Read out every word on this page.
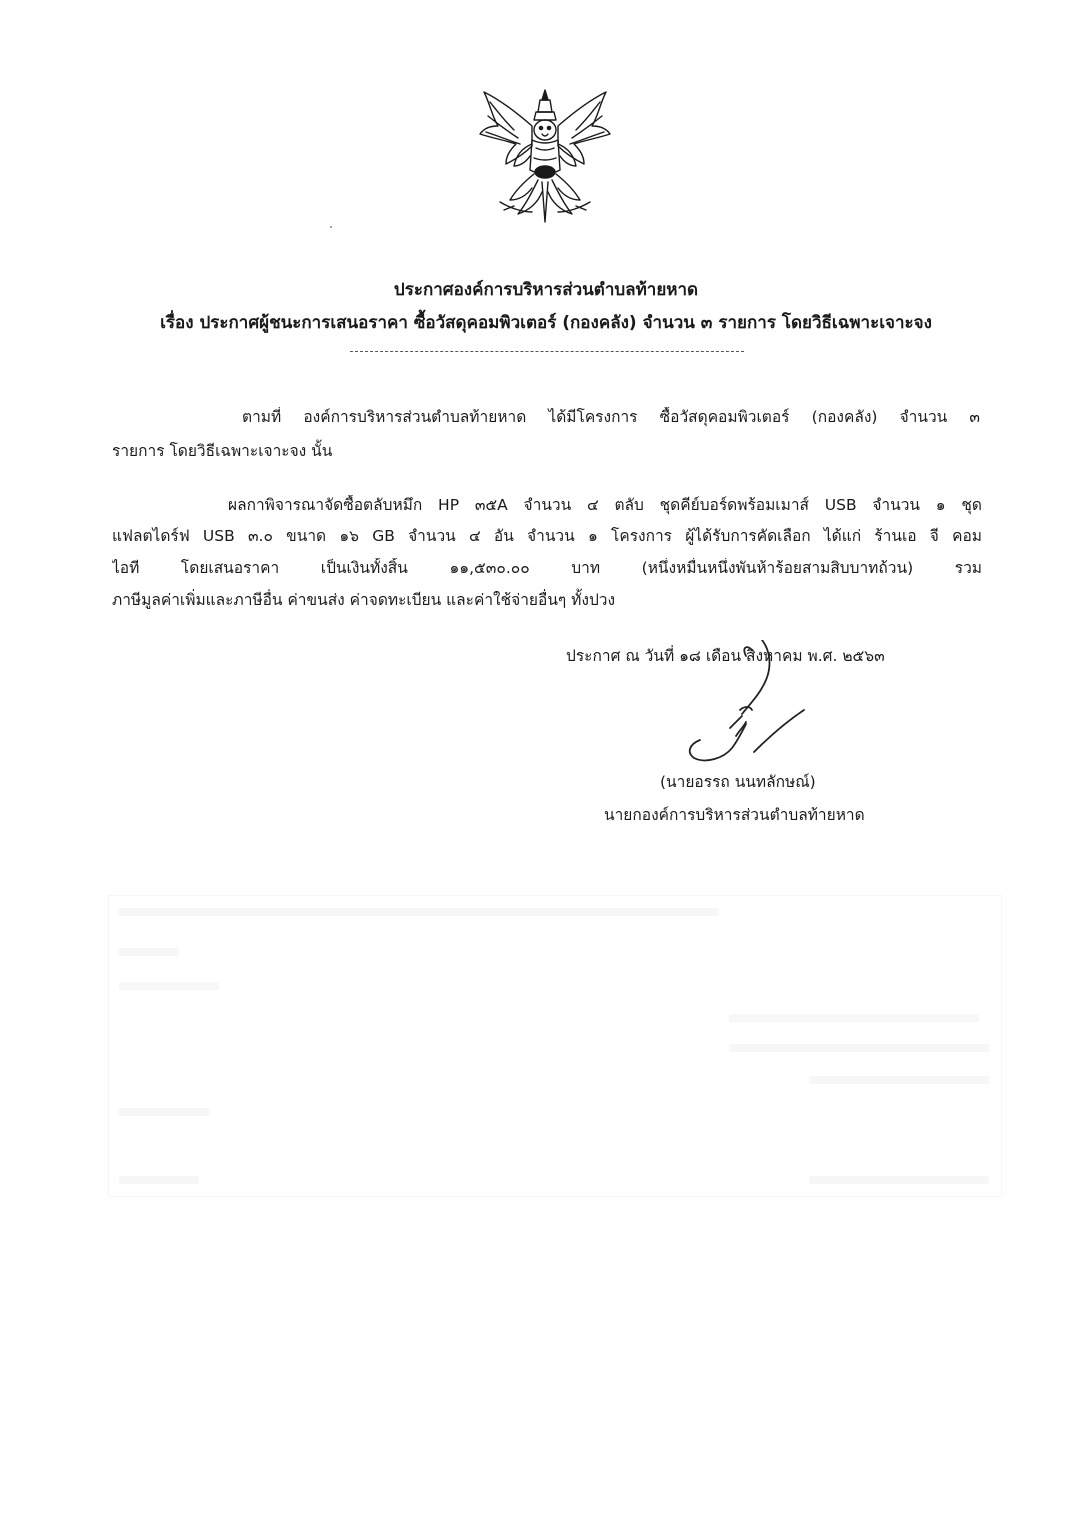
ประกาศองค์การบริหารส่วนตำบลท้ายหาด
เรื่อง ประกาศผู้ชนะการเสนอราคา ซื้อวัสดุคอมพิวเตอร์ (กองคลัง) จำนวน ๓ รายการ โดยวิธีเฉพาะเจาะจง
ตามที่ องค์การบริหารส่วนตำบลท้ายหาด ได้มีโครงการ ซื้อวัสดุคอมพิวเตอร์ (กองคลัง) จำนวน ๓
รายการ โดยวิธีเฉพาะเจาะจง นั้น
ผลกาพิจารณาจัดซื้อตลับหมึก HP ๓๕A จำนวน ๔ ตลับ ชุดคีย์บอร์ดพร้อมเมาส์ USB จำนวน ๑ ชุด
แฟลตไดร์ฟ USB ๓.๐ ขนาด ๑๖ GB จำนวน ๔ อัน จำนวน ๑ โครงการ ผู้ได้รับการคัดเลือก ได้แก่ ร้านเอ จี คอม
ไอที โดยเสนอราคา เป็นเงินทั้งสิ้น ๑๑,๕๓๐.๐๐ บาท (หนึ่งหมื่นหนึ่งพันห้าร้อยสามสิบบาทถ้วน) รวม
ภาษีมูลค่าเพิ่มและภาษีอื่น ค่าขนส่ง ค่าจดทะเบียน และค่าใช้จ่ายอื่นๆ ทั้งปวง
ประกาศ ณ วันที่ ๑๘ เดือน สิงหาคม พ.ศ. ๒๕๖๓
(นายอรรถ นนทลักษณ์)
นายกองค์การบริหารส่วนตำบลท้ายหาด
